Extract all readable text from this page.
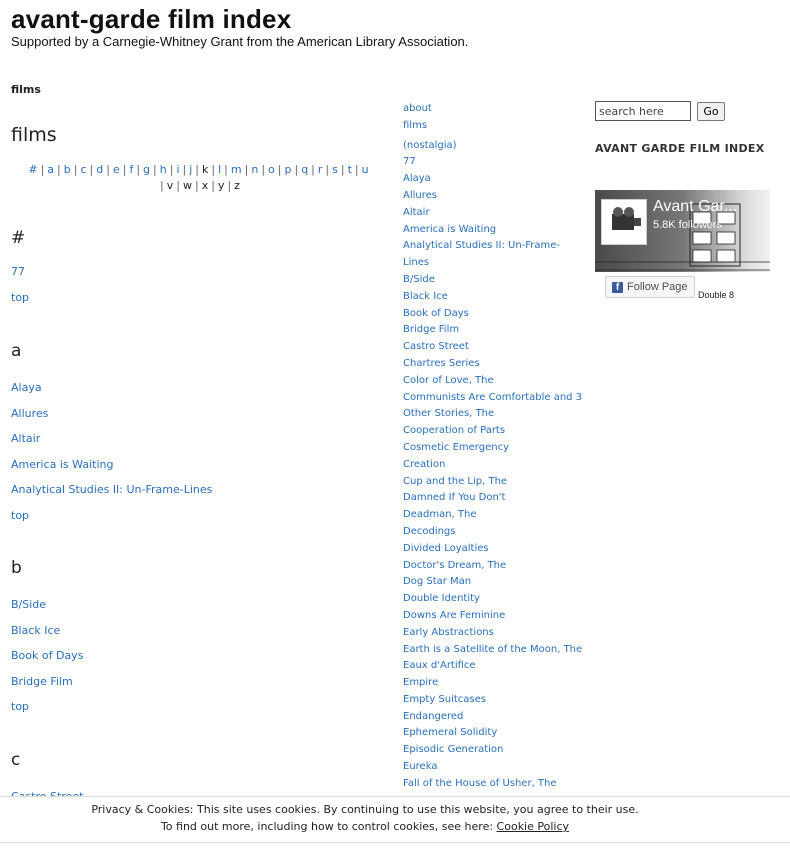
avant-garde film index
Supported by a Carnegie-Whitney Grant from the American Library Association.
films
films
# | a | b | c | d | e | f | g | h | i | j | k | l | m | n | o | p | q | r | s | t | u
| v | w | x | y | z
#
77
top
a
Alaya
Allures
Altair
America is Waiting
Analytical Studies II: Un-Frame-Lines
top
b
B/Side
Black Ice
Book of Days
Bridge Film
top
c
about
films
(nostalgia)
77
Alaya
Allures
Altair
America is Waiting
Analytical Studies II: Un-Frame-Lines
B/Side
Black Ice
Book of Days
Bridge Film
Castro Street
Chartres Series
Color of Love, The
Communists Are Comfortable and 3 Other Stories, The
Cooperation of Parts
Cosmetic Emergency
Creation
Cup and the Lip, The
Damned If You Don't
Deadman, The
Decodings
Divided Loyalties
Doctor's Dream, The
Dog Star Man
Double Identity
Downs Are Feminine
Early Abstractions
Earth is a Satellite of the Moon, The
Eaux d'Artifice
Empire
Empty Suitcases
Endangered
Ephemeral Solidity
Episodic Generation
Eureka
Fall of the House of Usher, The
search here
Go
AVANT GARDE FILM INDEX
Avant Gar...
5.8K followers
f Follow Page
Double 8
Privacy & Cookies: This site uses cookies. By continuing to use this website, you agree to their use.
To find out more, including how to control cookies, see here: Cookie Policy
